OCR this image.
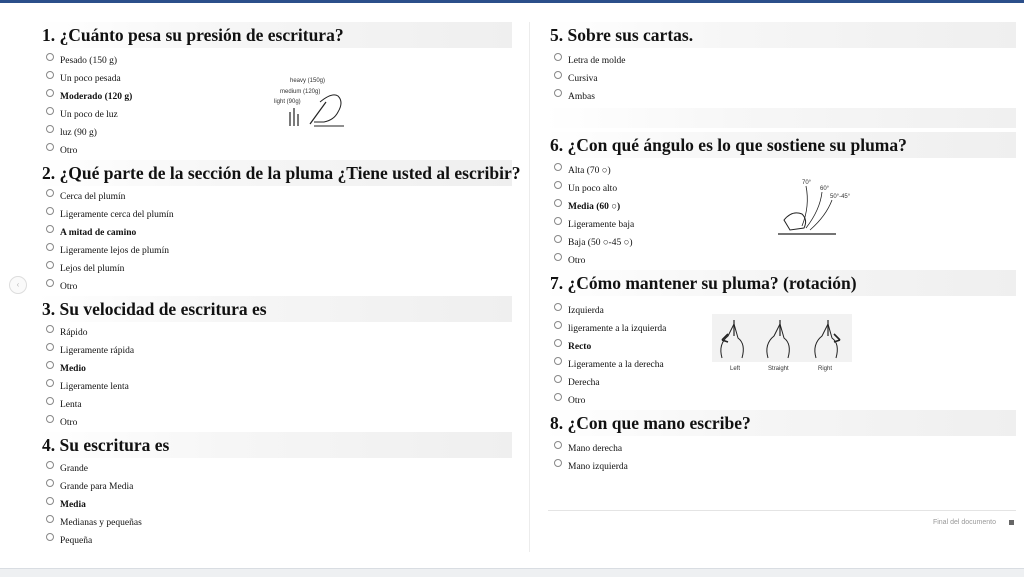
‹
1. ¿Cuánto pesa su presión de escritura?
Pesado (150 g)
Un poco pesada
Moderado (120 g)
Un poco de luz
luz (90 g)
Otro
heavy (150g)
medium (120g)
light (90g)
2. ¿Qué parte de la sección de la pluma ¿Tiene usted al escribir?
Cerca del plumín
Ligeramente cerca del plumín
A mitad de camino
Ligeramente lejos de plumín
Lejos del plumín
Otro
3. Su velocidad de escritura es
Rápido
Ligeramente rápida
Medio
Ligeramente lenta
Lenta
Otro
4. Su escritura es
Grande
Grande para Media
Media
Medianas y pequeñas
Pequeña
5. Sobre sus cartas.
Letra de molde
Cursiva
Ambas
6. ¿Con qué ángulo es lo que sostiene su pluma?
Alta (70 ○)
Un poco alto
Media (60 ○)
Ligeramente baja
Baja (50 ○-45 ○)
Otro
70°
60°
50°-45°
7. ¿Cómo mantener su pluma? (rotación)
Izquierda
ligeramente a la izquierda
Recto
Ligeramente a la derecha
Derecha
Otro
Left	Straight	Right
8. ¿Con que mano escribe?
Mano derecha
Mano izquierda
Final del documento
